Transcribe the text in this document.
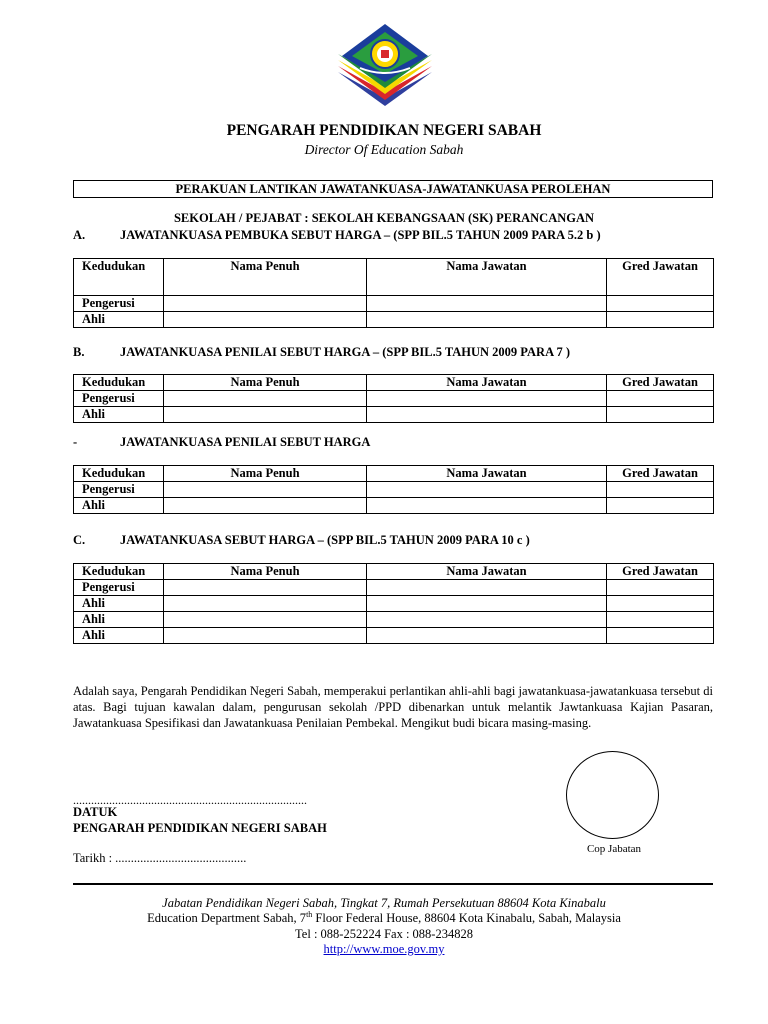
PENGARAH PENDIDIKAN NEGERI SABAH
Director Of Education Sabah
PERAKUAN LANTIKAN JAWATANKUASA-JAWATANKUASA PEROLEHAN
SEKOLAH / PEJABAT : SEKOLAH KEBANGSAAN (SK) PERANCANGAN
A.	JAWATANKUASA PEMBUKA SEBUT HARGA – (SPP BIL.5 TAHUN 2009 PARA 5.2 b )
Kedudukan	Nama Penuh	Nama Jawatan	Gred Jawatan
Pengerusi			
Ahli			
B.	JAWATANKUASA PENILAI SEBUT HARGA – (SPP BIL.5 TAHUN 2009 PARA 7 )
Kedudukan	Nama Penuh	Nama Jawatan	Gred Jawatan
Pengerusi			
Ahli			
-	JAWATANKUASA PENILAI SEBUT HARGA
Kedudukan	Nama Penuh	Nama Jawatan	Gred Jawatan
Pengerusi			
Ahli			
C.	JAWATANKUASA SEBUT HARGA – (SPP BIL.5 TAHUN 2009 PARA 10 c )
Kedudukan	Nama Penuh	Nama Jawatan	Gred Jawatan
Pengerusi			
Ahli			
Ahli			
Ahli			

Adalah saya, Pengarah Pendidikan Negeri Sabah, memperakui perlantikan ahli-ahli bagi jawatankuasa-jawatankuasa tersebut di atas. Bagi tujuan kawalan dalam, pengurusan sekolah /PPD dibenarkan untuk melantik Jawtankuasa Kajian Pasaran, Jawatankuasa Spesifikasi dan Jawatankuasa Penilaian Pembekal. Mengikut budi bicara masing-masing.

..............................................................................
DATUK
PENGARAH PENDIDIKAN NEGERI SABAH
Tarikh : ..........................................
Cop Jabatan
Jabatan Pendidikan Negeri Sabah, Tingkat 7, Rumah Persekutuan 88604 Kota Kinabalu
Education Department Sabah, 7th Floor Federal House, 88604 Kota Kinabalu, Sabah, Malaysia
Tel : 088-252224 Fax : 088-234828
http://www.moe.gov.my
